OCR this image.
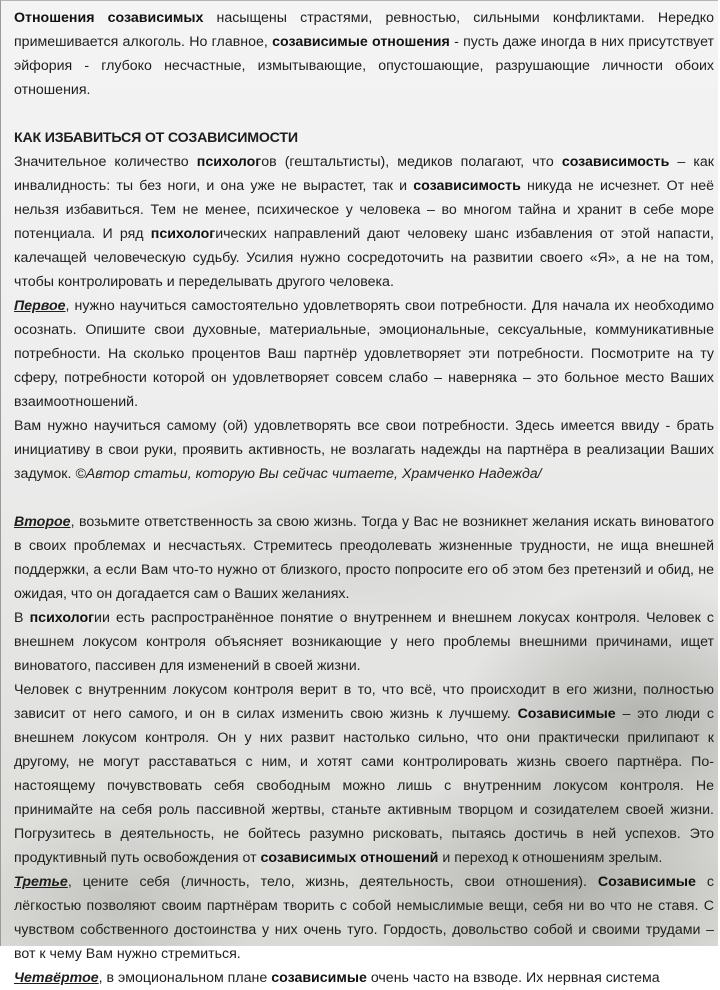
Отношения созависимых насыщены страстями, ревностью, сильными конфликтами. Нередко примешивается алкоголь. Но главное, созависимые отношения - пусть даже иногда в них присутствует эйфория - глубоко несчастные, измытывающие, опустошающие, разрушающие личности обоих отношения.

КАК ИЗБАВИТЬСЯ ОТ СОЗАВИСИМОСТИ

Значительное количество психологов (гештальтисты), медиков полагают, что созависимость – как инвалидность: ты без ноги, и она уже не вырастет, так и созависимость никуда не исчезнет. От неё нельзя избавиться. Тем не менее, психическое у человека – во многом тайна и хранит в себе море потенциала. И ряд психологических направлений дают человеку шанс избавления от этой напасти, калечащей человеческую судьбу. Усилия нужно сосредоточить на развитии своего «Я», а не на том, чтобы контролировать и переделывать другого человека.

Первое, нужно научиться самостоятельно удовлетворять свои потребности. Для начала их необходимо осознать. Опишите свои духовные, материальные, эмоциональные, сексуальные, коммуникативные потребности. На сколько процентов Ваш партнёр удовлетворяет эти потребности. Посмотрите на ту сферу, потребности которой он удовлетворяет совсем слабо – наверняка – это больное место Ваших взаимоотношений.

Вам нужно научиться самому (ой) удовлетворять все свои потребности. Здесь имеется ввиду - брать инициативу в свои руки, проявить активность, не возлагать надежды на партнёра в реализации Ваших задумок. ©Автор статьи, которую Вы сейчас читаете, Храмченко Надежда/

Второе, возьмите ответственность за свою жизнь. Тогда у Вас не возникнет желания искать виноватого в своих проблемах и несчастьях. Стремитесь преодолевать жизненные трудности, не ища внешней поддержки, а если Вам что-то нужно от близкого, просто попросите его об этом без претензий и обид, не ожидая, что он догадается сам о Ваших желаниях.

В психологии есть распространённое понятие о внутреннем и внешнем локусах контроля. Человек с внешнем локусом контроля объясняет возникающие у него проблемы внешними причинами, ищет виноватого, пассивен для изменений в своей жизни.

Человек с внутренним локусом контроля верит в то, что всё, что происходит в его жизни, полностью зависит от него самого, и он в силах изменить свою жизнь к лучшему. Созависимые – это люди с внешнем локусом контроля. Он у них развит настолько сильно, что они практически прилипают к другому, не могут расставаться с ним, и хотят сами контролировать жизнь своего партнёра. По-настоящему почувствовать себя свободным можно лишь с внутренним локусом контроля. Не принимайте на себя роль пассивной жертвы, станьте активным творцом и созидателем своей жизни. Погрузитесь в деятельность, не бойтесь разумно рисковать, пытаясь достичь в ней успехов. Это продуктивный путь освобождения от созависимых отношений и переход к отношениям зрелым.

Третье, цените себя (личность, тело, жизнь, деятельность, свои отношения). Созависимые с лёгкостью позволяют своим партнёрам творить с собой немыслимые вещи, себя ни во что не ставя. С чувством собственного достоинства у них очень туго. Гордость, довольство собой и своими трудами – вот к чему Вам нужно стремиться.

Четвёртое, в эмоциональном плане созависимые очень часто на взводе. Их нервная система
